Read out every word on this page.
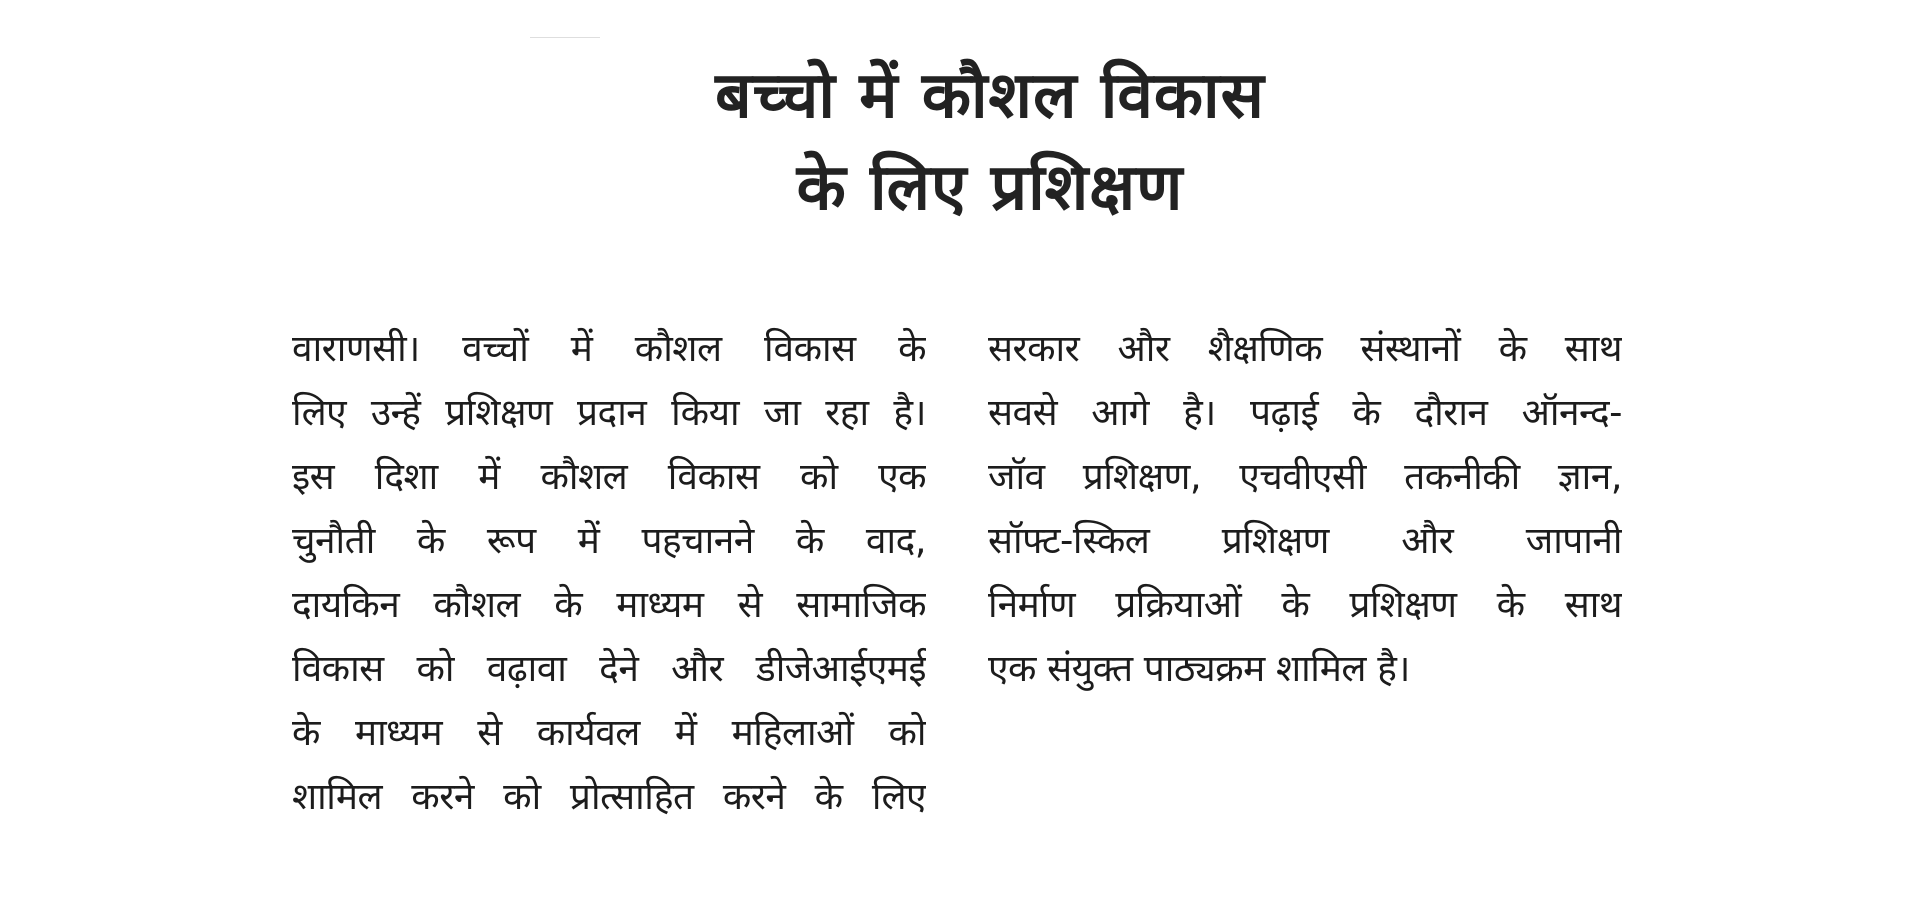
बच्चो में कौशल विकास
के लिए प्रशिक्षण
वाराणसी। वच्चों में कौशल विकास के
लिए उन्हें प्रशिक्षण प्रदान किया जा रहा है।
इस दिशा में कौशल विकास को एक
चुनौती के रूप में पहचानने के वाद,
दायकिन कौशल के माध्यम से सामाजिक
विकास को वढ़ावा देने और डीजेआईएमई
के माध्यम से कार्यवल में महिलाओं को
शामिल करने को प्रोत्साहित करने के लिए
सरकार और शैक्षणिक संस्थानों के साथ
सवसे आगे है। पढ़ाई के दौरान ऑनन्द-
जॉव प्रशिक्षण, एचवीएसी तकनीकी ज्ञान,
सॉफ्ट-स्किल प्रशिक्षण और जापानी
निर्माण प्रक्रियाओं के प्रशिक्षण के साथ
एक संयुक्त पाठ्यक्रम शामिल है।
